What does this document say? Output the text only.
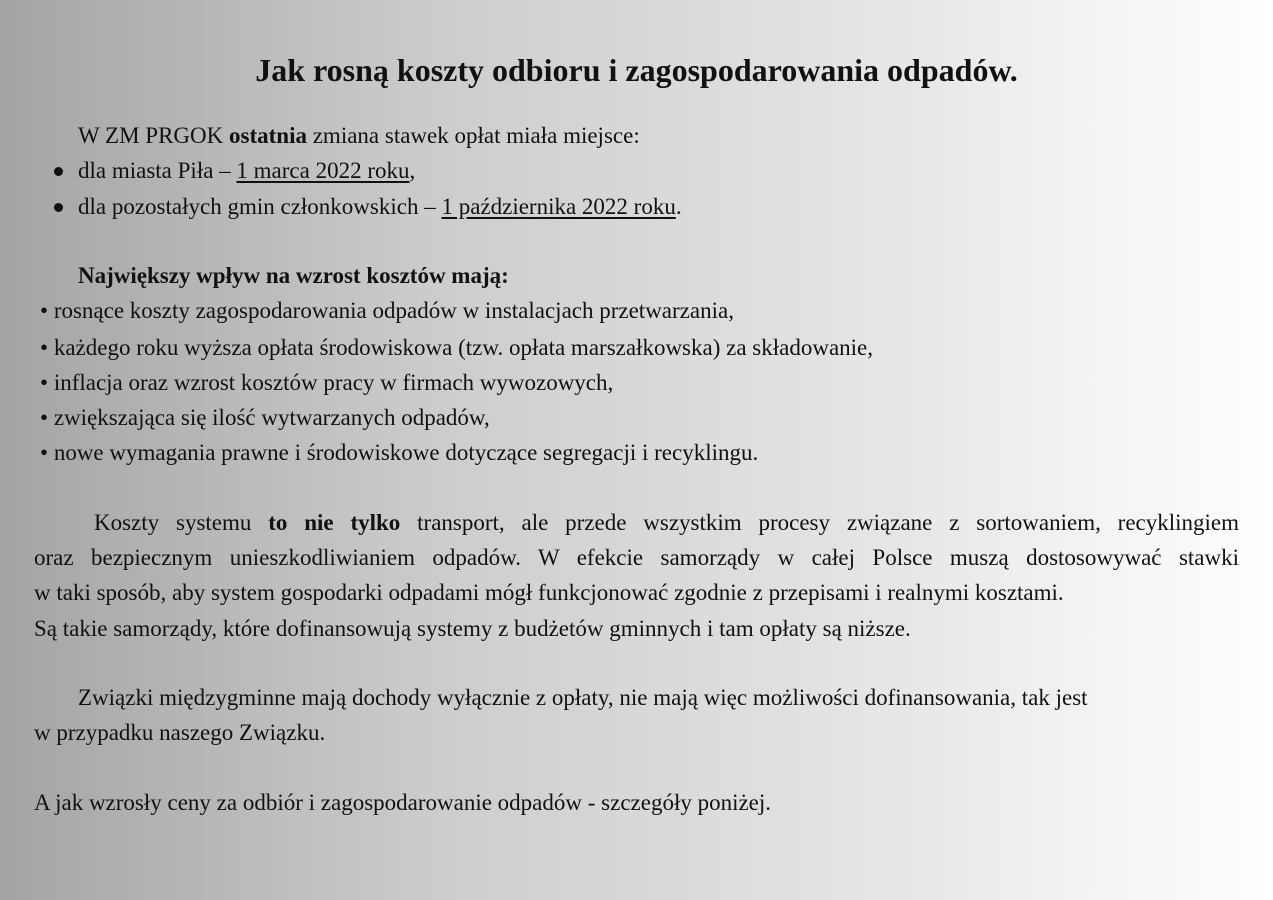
Jak rosną koszty odbioru i zagospodarowania odpadów.

W ZM PRGOK ostatnia zmiana stawek opłat miała miejsce:

dla miasta Piła – 1 marca 2022 roku,

dla pozostałych gmin członkowskich – 1 października 2022 roku.

Największy wpływ na wzrost kosztów mają:

• rosnące koszty zagospodarowania odpadów w instalacjach przetwarzania,

• każdego roku wyższa opłata środowiskowa (tzw. opłata marszałkowska) za składowanie,

• inflacja oraz wzrost kosztów pracy w firmach wywozowych,

• zwiększająca się ilość wytwarzanych odpadów,

• nowe wymagania prawne i środowiskowe dotyczące segregacji i recyklingu.

Koszty systemu to nie tylko transport, ale przede wszystkim procesy związane z sortowaniem, recyklingiem

oraz bezpiecznym unieszkodliwianiem odpadów. W efekcie samorządy w całej Polsce muszą dostosowywać stawki

w taki sposób, aby system gospodarki odpadami mógł funkcjonować zgodnie z przepisami i realnymi kosztami.

Są takie samorządy, które dofinansowują systemy z budżetów gminnych i tam opłaty są niższe.

Związki międzygminne mają dochody wyłącznie z opłaty, nie mają więc możliwości dofinansowania, tak jest

w przypadku naszego Związku.

A jak wzrosły ceny za odbiór i zagospodarowanie odpadów - szczegóły poniżej.
